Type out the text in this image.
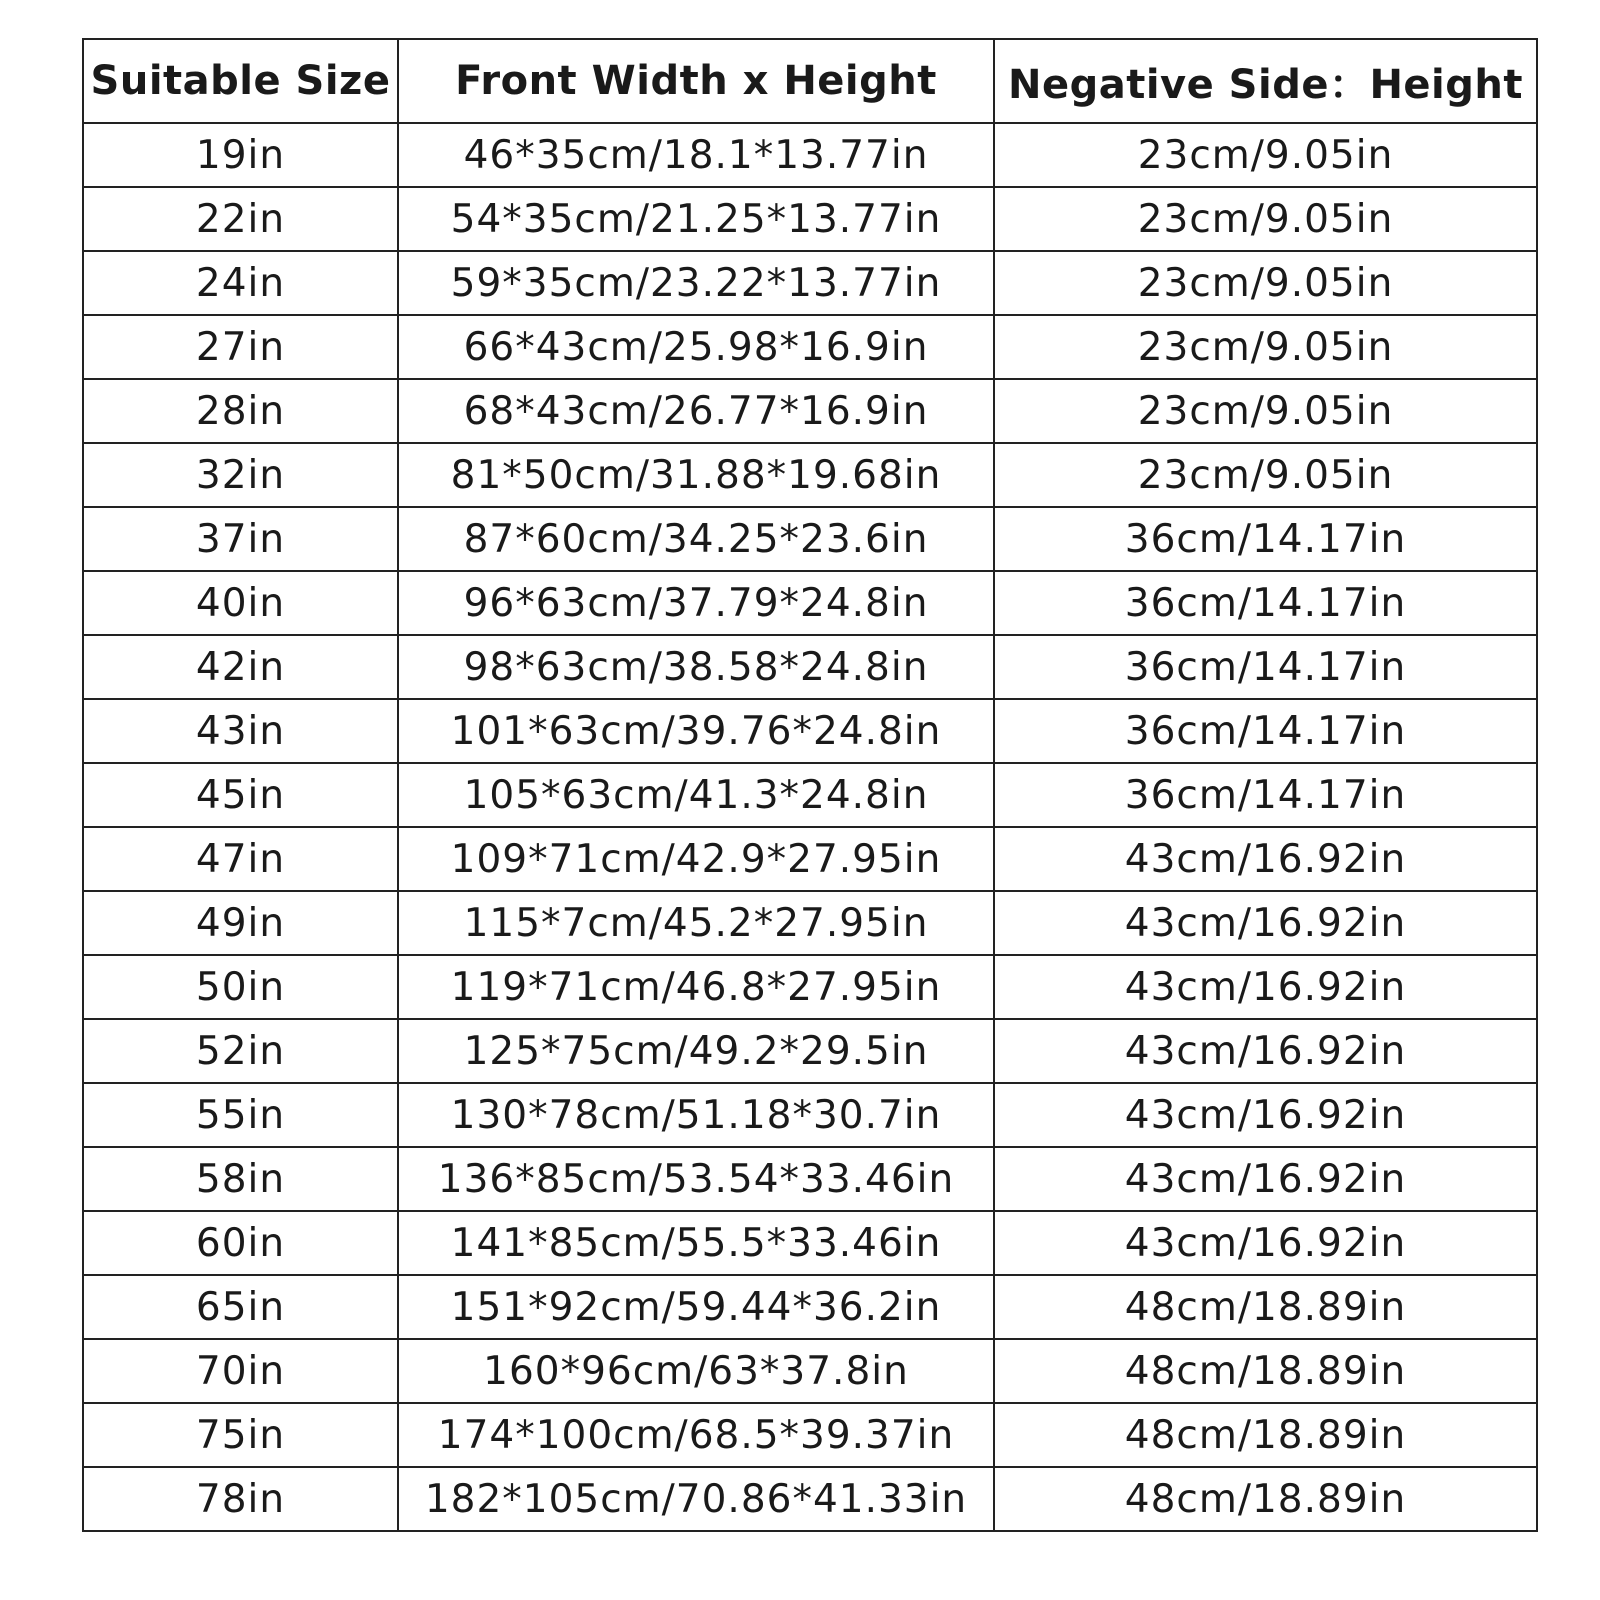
Suitable Size	Front Width x Height	Negative Side：Height
19in	46*35cm/18.1*13.77in	23cm/9.05in
22in	54*35cm/21.25*13.77in	23cm/9.05in
24in	59*35cm/23.22*13.77in	23cm/9.05in
27in	66*43cm/25.98*16.9in	23cm/9.05in
28in	68*43cm/26.77*16.9in	23cm/9.05in
32in	81*50cm/31.88*19.68in	23cm/9.05in
37in	87*60cm/34.25*23.6in	36cm/14.17in
40in	96*63cm/37.79*24.8in	36cm/14.17in
42in	98*63cm/38.58*24.8in	36cm/14.17in
43in	101*63cm/39.76*24.8in	36cm/14.17in
45in	105*63cm/41.3*24.8in	36cm/14.17in
47in	109*71cm/42.9*27.95in	43cm/16.92in
49in	115*7cm/45.2*27.95in	43cm/16.92in
50in	119*71cm/46.8*27.95in	43cm/16.92in
52in	125*75cm/49.2*29.5in	43cm/16.92in
55in	130*78cm/51.18*30.7in	43cm/16.92in
58in	136*85cm/53.54*33.46in	43cm/16.92in
60in	141*85cm/55.5*33.46in	43cm/16.92in
65in	151*92cm/59.44*36.2in	48cm/18.89in
70in	160*96cm/63*37.8in	48cm/18.89in
75in	174*100cm/68.5*39.37in	48cm/18.89in
78in	182*105cm/70.86*41.33in	48cm/18.89in
